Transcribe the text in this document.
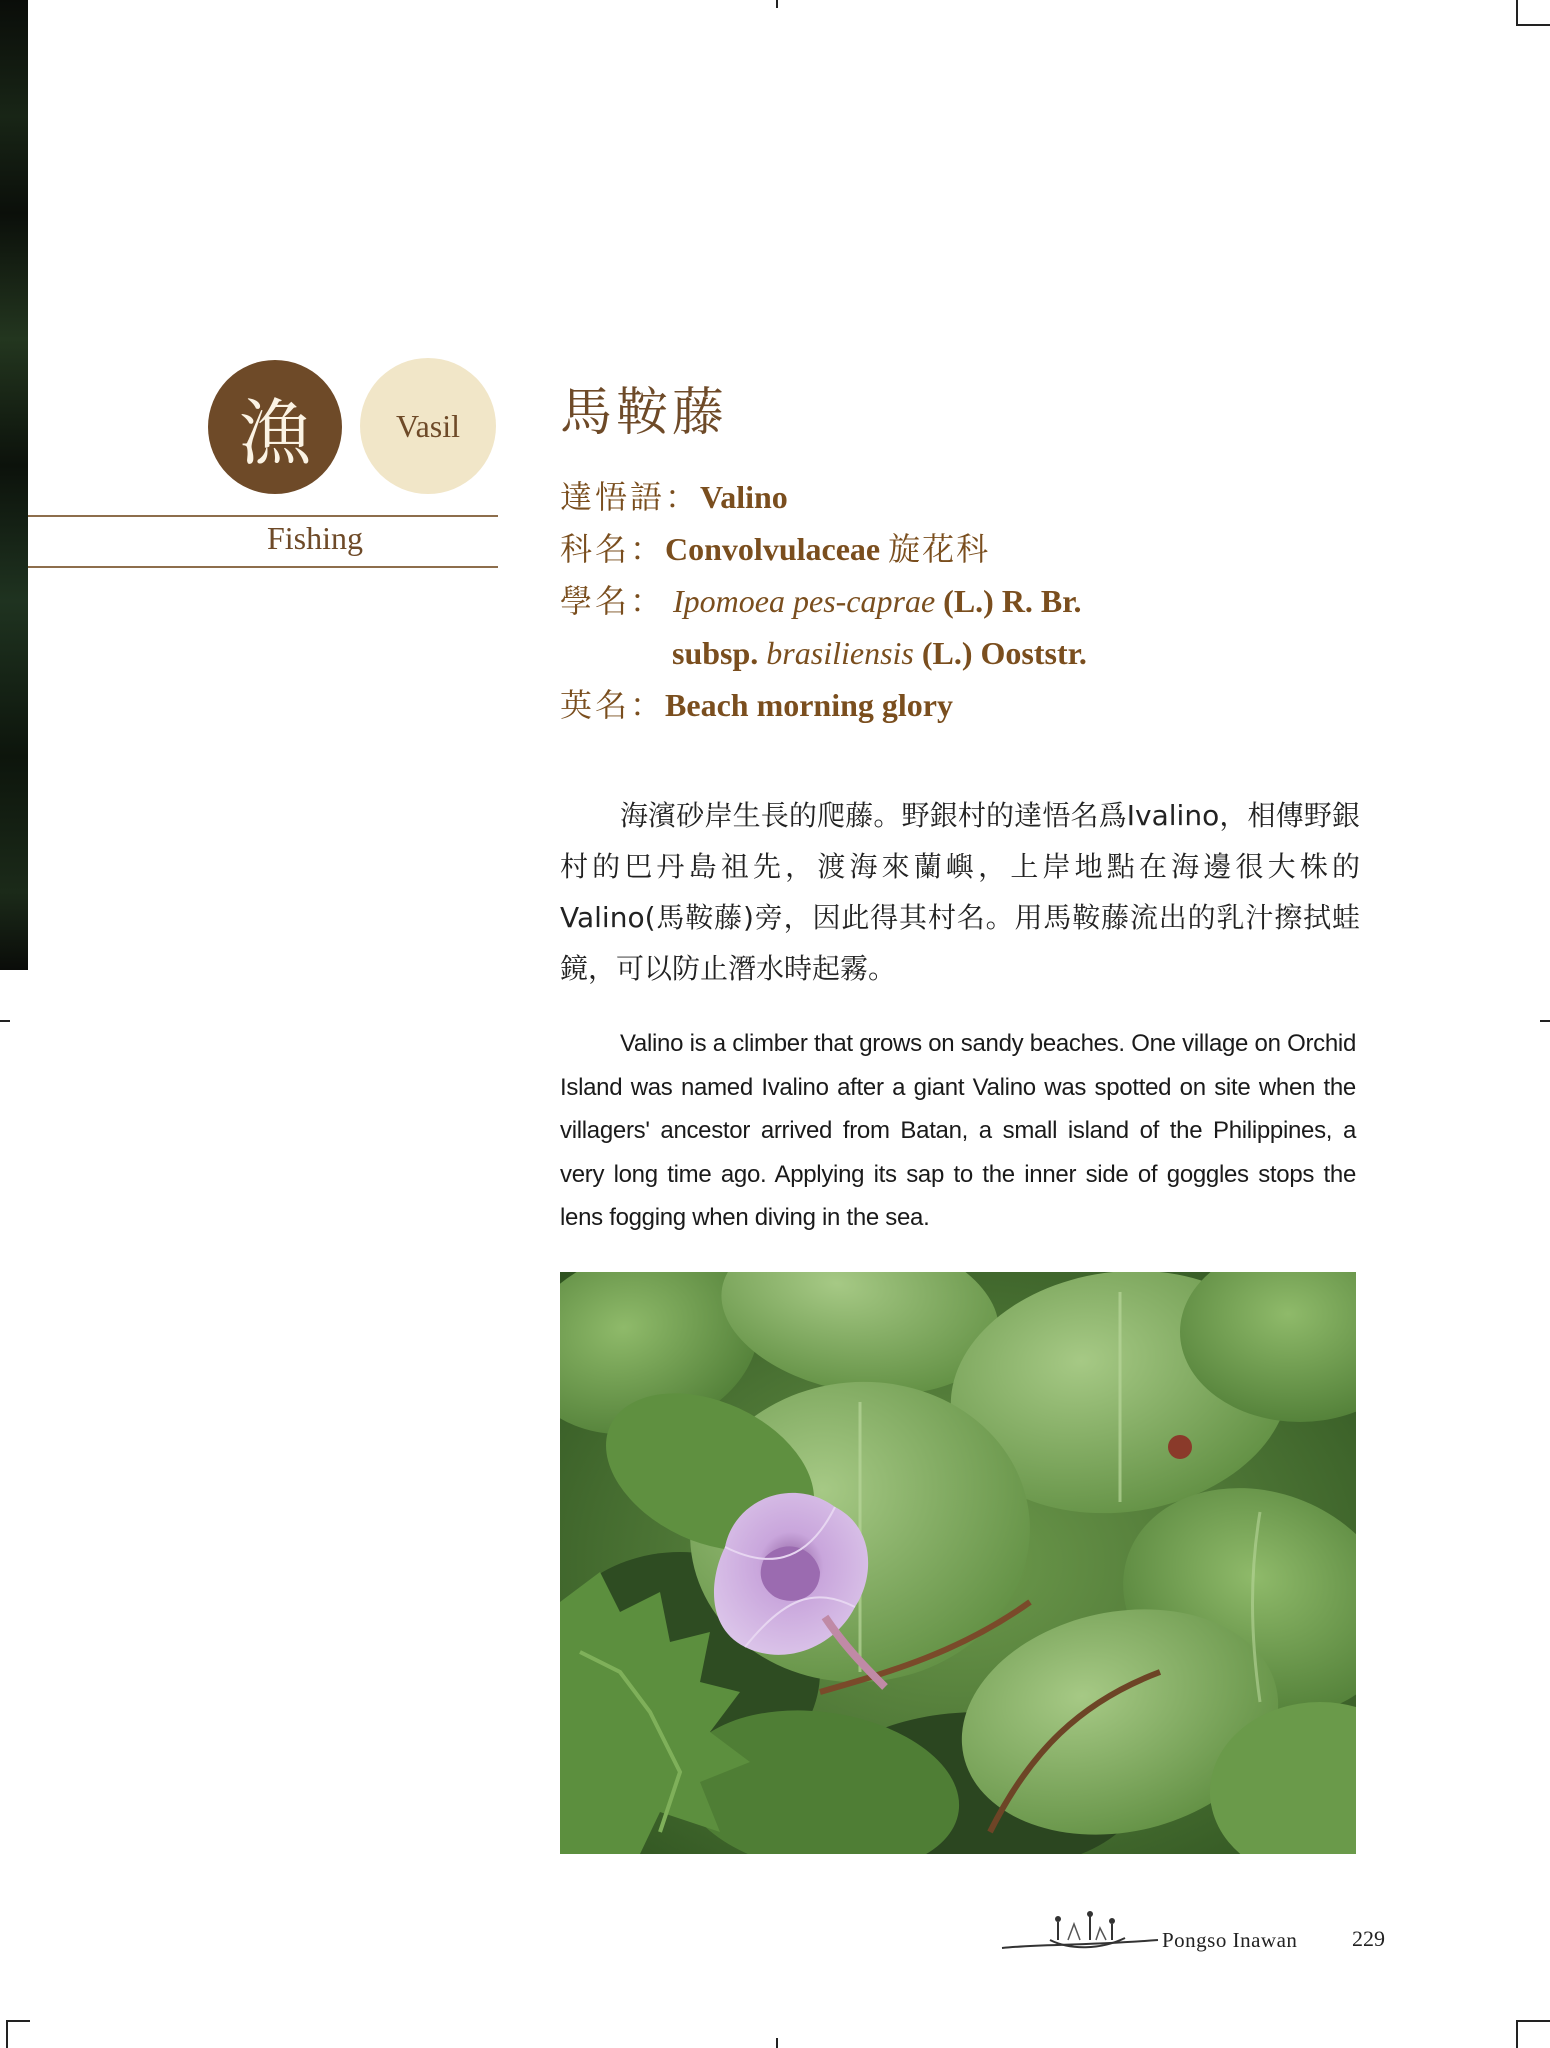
漁	Vasil
Fishing
馬鞍藤
達悟語：Valino
科名：Convolvulaceae 旋花科
學名： Ipomoea pes-caprae (L.) R. Br.
subsp. brasiliensis (L.) Ooststr.
英名：Beach morning glory
海濱砂岸生長的爬藤。野銀村的達悟名爲Ivalino，相傳野銀村的巴丹島祖先，渡海來蘭嶼，上岸地點在海邊很大株的Valino(馬鞍藤)旁，因此得其村名。用馬鞍藤流出的乳汁擦拭蛙鏡，可以防止潛水時起霧。
Valino is a climber that grows on sandy beaches. One village on Orchid Island was named Ivalino after a giant Valino was spotted on site when the villagers' ancestor arrived from Batan, a small island of the Philippines, a very long time ago. Applying its sap to the inner side of goggles stops the lens fogging when diving in the sea.
Pongso Inawan 229
